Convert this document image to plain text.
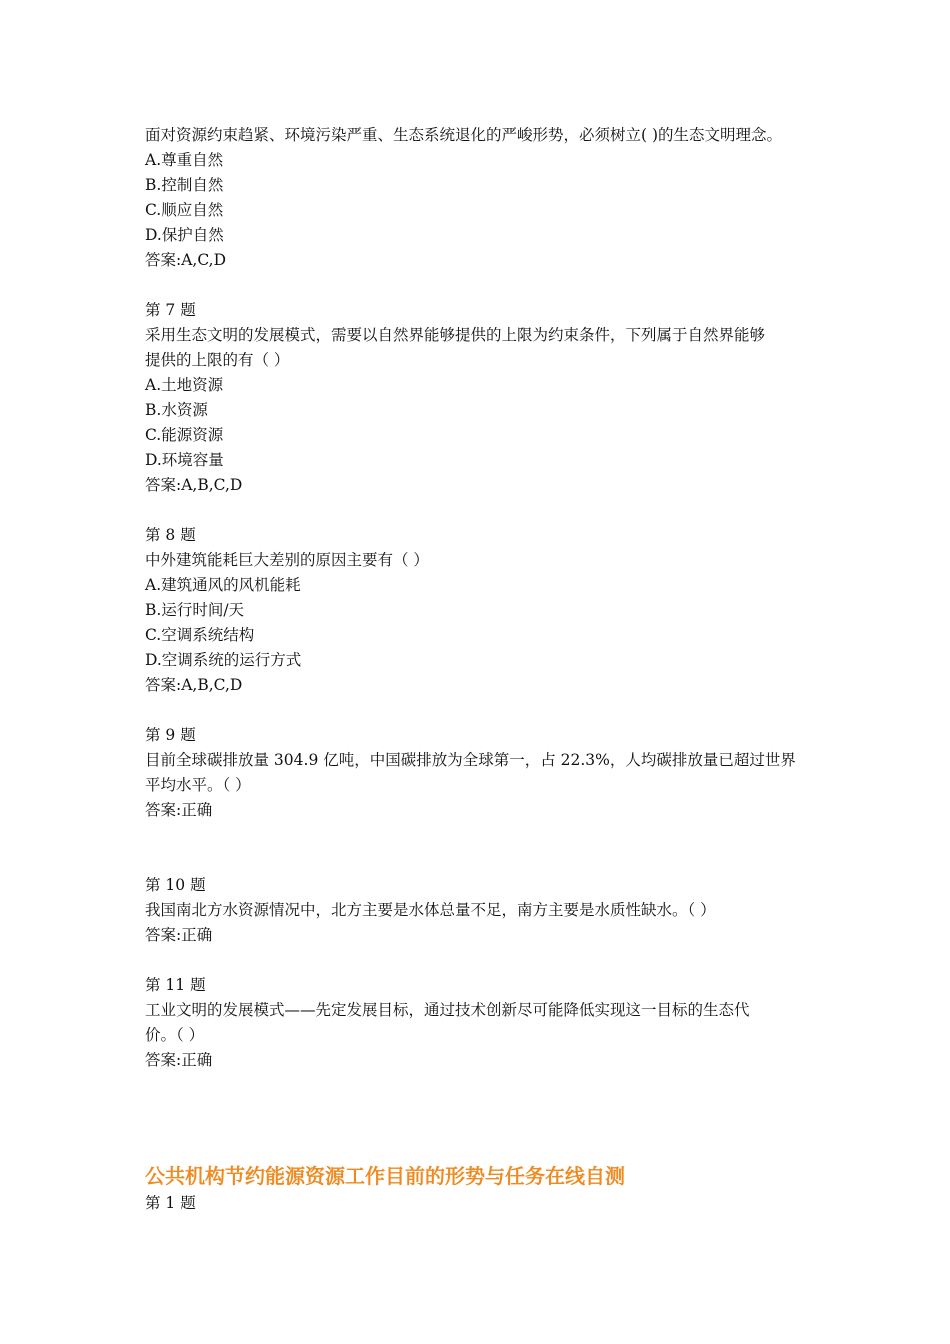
面对资源约束趋紧、环境污染严重、生态系统退化的严峻形势，必须树立( )的生态文明理念。
A.尊重自然
B.控制自然
C.顺应自然
D.保护自然
答案:A,C,D
第 7 题
采用生态文明的发展模式，需要以自然界能够提供的上限为约束条件，下列属于自然界能够
提供的上限的有（ ）
A.土地资源
B.水资源
C.能源资源
D.环境容量
答案:A,B,C,D
第 8 题
中外建筑能耗巨大差别的原因主要有（ ）
A.建筑通风的风机能耗
B.运行时间/天
C.空调系统结构
D.空调系统的运行方式
答案:A,B,C,D
第 9 题
目前全球碳排放量 304.9 亿吨，中国碳排放为全球第一，占 22.3%，人均碳排放量已超过世界
平均水平。（ ）
答案:正确
第 10 题
我国南北方水资源情况中，北方主要是水体总量不足，南方主要是水质性缺水。（ ）
答案:正确
第 11 题
工业文明的发展模式——先定发展目标，通过技术创新尽可能降低实现这一目标的生态代
价。（ ）
答案:正确
公共机构节约能源资源工作目前的形势与任务在线自测
第 1 题
